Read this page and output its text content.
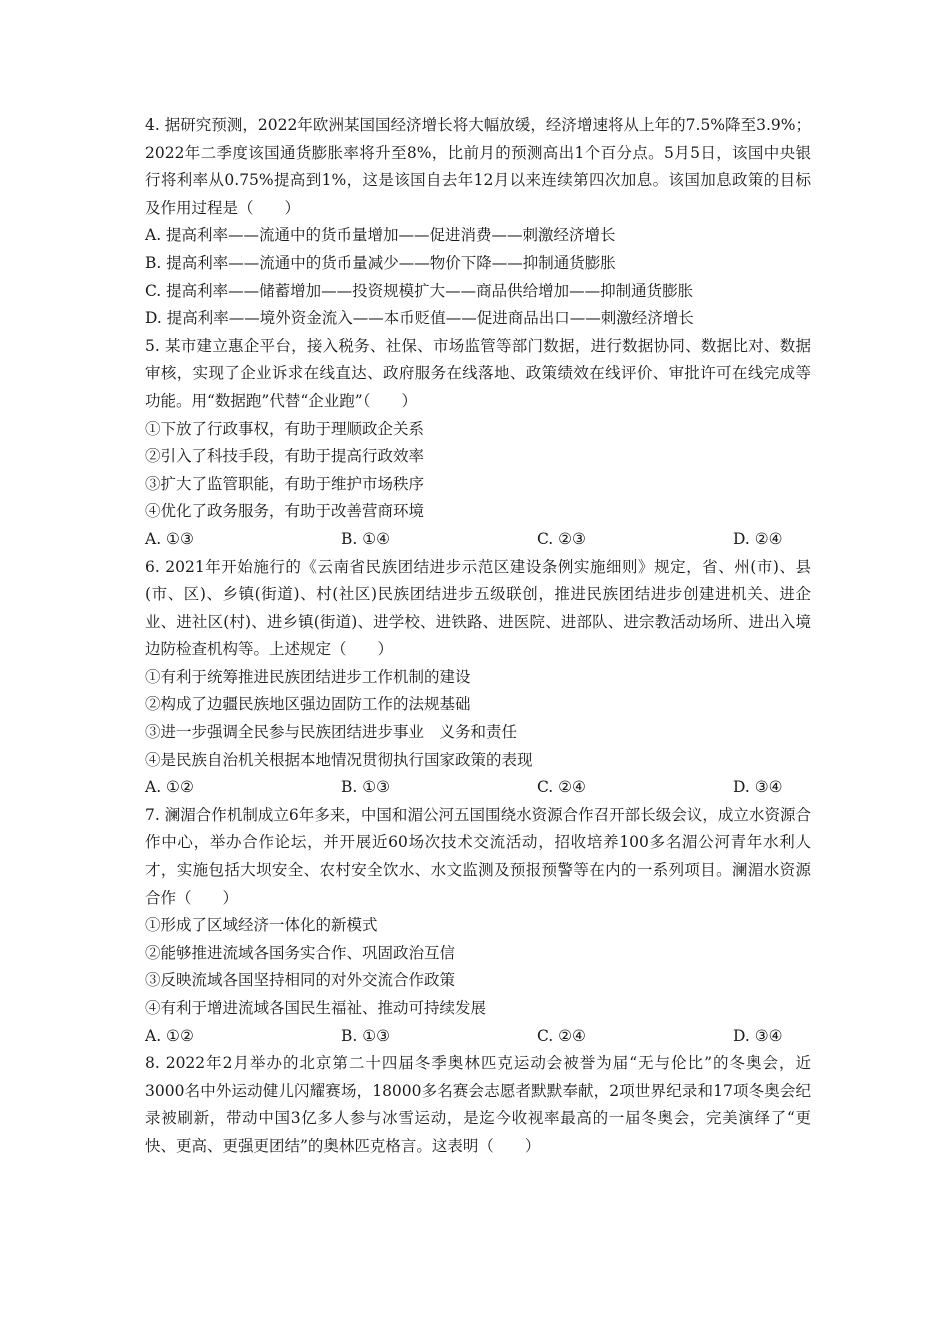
4. 据研究预测，2022年欧洲某国国经济增长将大幅放缓，经济增速将从上年的7.5%降至3.9%；2022年二季度该国通货膨胀率将升至8%，比前月的预测高出1个百分点。5月5日，该国中央银行将利率从0.75%提高到1%，这是该国自去年12月以来连续第四次加息。该国加息政策的目标及作用过程是（　　）

A. 提高利率——流通中的货币量增加——促进消费——刺激经济增长

B. 提高利率——流通中的货币量减少——物价下降——抑制通货膨胀

C. 提高利率——储蓄增加——投资规模扩大——商品供给增加——抑制通货膨胀

D. 提高利率——境外资金流入——本币贬值——促进商品出口——刺激经济增长

5. 某市建立惠企平台，接入税务、社保、市场监管等部门数据，进行数据协同、数据比对、数据审核，实现了企业诉求在线直达、政府服务在线落地、政策绩效在线评价、审批许可在线完成等功能。用“数据跑”代替“企业跑”（　　）

①下放了行政事权，有助于理顺政企关系

②引入了科技手段，有助于提高行政效率

③扩大了监管职能，有助于维护市场秩序

④优化了政务服务，有助于改善营商环境

A. ①③	B. ①④	C. ②③	D. ②④

6. 2021年开始施行的《云南省民族团结进步示范区建设条例实施细则》规定，省、州(市)、县(市、区)、乡镇(街道)、村(社区)民族团结进步五级联创，推进民族团结进步创建进机关、进企业、进社区(村)、进乡镇(街道)、进学校、进铁路、进医院、进部队、进宗教活动场所、进出入境边防检查机构等。上述规定（　　）

①有利于统筹推进民族团结进步工作机制的建设

②构成了边疆民族地区强边固防工作的法规基础

③进一步强调全民参与民族团结进步事业　义务和责任

④是民族自治机关根据本地情况贯彻执行国家政策的表现

A. ①②	B. ①③	C. ②④	D. ③④

7. 澜湄合作机制成立6年多来，中国和湄公河五国围绕水资源合作召开部长级会议，成立水资源合作中心，举办合作论坛，并开展近60场次技术交流活动，招收培养100多名湄公河青年水利人才，实施包括大坝安全、农村安全饮水、水文监测及预报预警等在内的一系列项目。澜湄水资源合作（　　）

①形成了区域经济一体化的新模式

②能够推进流域各国务实合作、巩固政治互信

③反映流域各国坚持相同的对外交流合作政策

④有利于增进流域各国民生福祉、推动可持续发展

A. ①②	B. ①③	C. ②④	D. ③④

8. 2022年2月举办的北京第二十四届冬季奥林匹克运动会被誉为届“无与伦比”的冬奥会，近3000名中外运动健儿闪耀赛场，18000多名赛会志愿者默默奉献，2项世界纪录和17项冬奥会纪录被刷新，带动中国3亿多人参与冰雪运动，是迄今收视率最高的一届冬奥会，完美演绎了“更快、更高、更强更团结”的奥林匹克格言。这表明（　　）
